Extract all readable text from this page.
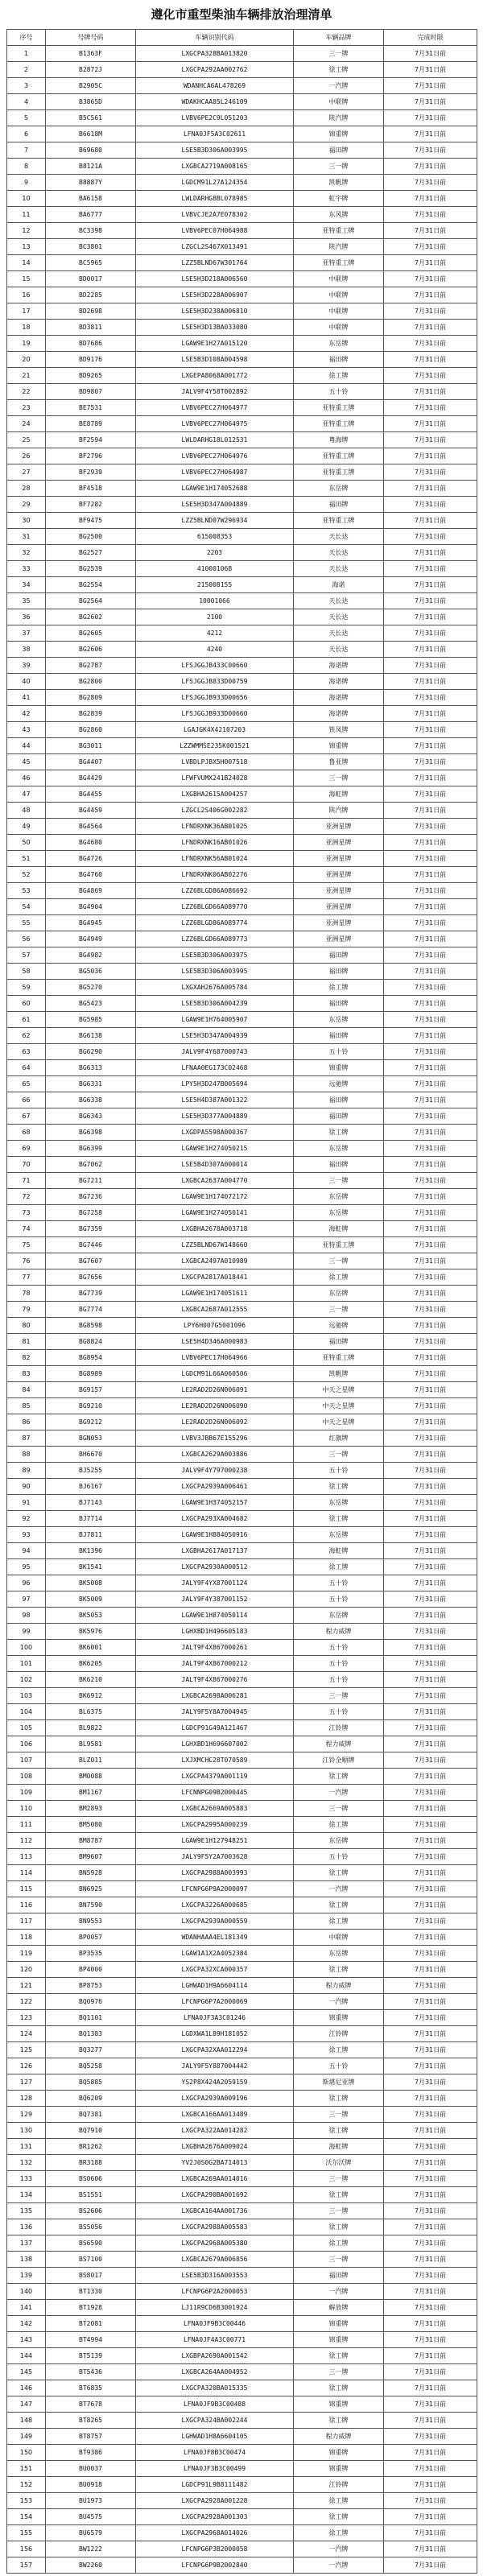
遵化市重型柴油车辆排放治理清单
序号	号牌号码	车辆识别代码	车辆品牌	完成时限
1	B1363F	LXGCPA328BA013820	三一牌	7月31日前
2	B2872J	LXGCPA292AA002762	徐工牌	7月31日前
3	B2905C	WDANHCA6AL478269	一汽牌	7月31日前
4	B3865D	WDAKHCAA85L246109	中联牌	7月31日前
5	B5C561	LVBV6PE2C9L051203	陕汽牌	7月31日前
6	B6618M	LFNA0JF5A3C02611	锦重牌	7月31日前
7	B69680	LSE5B3D306A003995	福田牌	7月31日前
8	B8121A	LXGBCA2719A008165	三一牌	7月31日前
9	B8887Y	LGDCM91L27A124354	凯帆牌	7月31日前
10	BA6158	LWLDARHG8BL078985	虹宇牌	7月31日前
11	BA6777	LVBVCJE2A7E078302	东风牌	7月31日前
12	BC3398	LVBV6PEC07H064988	亚特重工牌	7月31日前
13	BC3801	LZGCL2S467X013491	陕汽牌	7月31日前
14	BC5965	LZZ5BLND67W301764	亚特重工牌	7月31日前
15	BD0017	LSE5H3D218A006560	中联牌	7月31日前
16	BD2285	LSE5H3D228A006907	中联牌	7月31日前
17	BD2698	LSE5H3D238A006810	中联牌	7月31日前
18	BD3811	LSE5H3D13BA033080	中联牌	7月31日前
19	BD7686	LGAW9E1H27A015120	东岳牌	7月31日前
20	BD9176	LSE5B3D108A004598	福田牌	7月31日前
21	BD9265	LXGEPA8068A001772	徐工牌	7月31日前
22	BD9807	JALV9F4Y58T002892	五十铃	7月31日前
23	BE7531	LVBV6PEC27H064977	亚特重工牌	7月31日前
24	BE8789	LVBV6PEC27H064975	亚特重工牌	7月31日前
25	BF2594	LWLDARHG18L012531	粤海牌	7月31日前
26	BF2796	LVBV6PEC27H064976	亚特重工牌	7月31日前
27	BF2939	LVBV6PEC27H064987	亚特重工牌	7月31日前
28	BF4518	LGAW9E1H174052688	东岳牌	7月31日前
29	BF7282	LSE5H3D347A004889	福田牌	7月31日前
30	BF9475	LZZ5BLND07W296934	亚特重工牌	7月31日前
31	BG2500	615008353	天长达	7月31日前
32	BG2527	2203	天长达	7月31日前
33	BG2539	410001068	天长达	7月31日前
34	BG2554	215008155	海诺	7月31日前
35	BG2564	10001066	天长达	7月31日前
36	BG2602	2100	天长达	7月31日前
37	BG2605	4212	天长达	7月31日前
38	BG2606	4240	天长达	7月31日前
39	BG2787	LFSJGGJB433C00660	海诺牌	7月31日前
40	BG2800	LFSJGGJB833D00759	海诺牌	7月31日前
41	BG2809	LFSJGGJB933D00656	海诺牌	7月31日前
42	BG2839	LFSJGGJB933D00660	海诺牌	7月31日前
43	BG2860	LGAJGK4X42107203	铁凤牌	7月31日前
44	BG3011	LZZWMMSE235K001521	锦重牌	7月31日前
45	BG4407	LVBDLPJBX5H007518	鲁亚牌	7月31日前
46	BG4429	LFWFVUMX241B24028	三一牌	7月31日前
47	BG4455	LXGBHA2615A004257	海虹牌	7月31日前
48	BG4459	LZGCL2S406G002282	陕汽牌	7月31日前
49	BG4564	LFNDRXNK36AB01025	亚洲星牌	7月31日前
50	BG4680	LFNDRXNK16AB01026	亚洲星牌	7月31日前
51	BG4726	LFNDRXNK56AB01024	亚洲星牌	7月31日前
52	BG4760	LFNDRXNK06AB02276	亚洲星牌	7月31日前
53	BG4869	LZZ6BLGD86A086692	亚洲星牌	7月31日前
54	BG4904	LZZ6BLGD66A089770	亚洲星牌	7月31日前
55	BG4945	LZZ6BLGD86A089774	亚洲星牌	7月31日前
56	BG4949	LZZ6BLGD66A089773	亚洲星牌	7月31日前
57	BG4982	LSE5B3D306A003975	福田牌	7月31日前
58	BG5036	LSE5B3D306A003995	福田牌	7月31日前
59	BG5270	LXGXAH2676A005784	徐工牌	7月31日前
60	BG5423	LSE5B3D306A004239	福田牌	7月31日前
61	BG5985	LGAW9E1H764005907	东岳牌	7月31日前
62	BG6138	LSE5H3D347A004939	福田牌	7月31日前
63	BG6290	JALV9F4Y687000743	五十铃	7月31日前
64	BG6313	LFNAA0EG173C02468	锦重牌	7月31日前
65	BG6331	LPY5H3D247B005694	远驰牌	7月31日前
66	BG6338	LSE5H4D387A001322	福田牌	7月31日前
67	BG6343	LSE5H3D377A004889	福田牌	7月31日前
68	BG6398	LXGDPA5598A000367	徐工牌	7月31日前
69	BG6399	LGAW9E1H274050215	东岳牌	7月31日前
70	BG7062	LSE5B4D307A000014	福田牌	7月31日前
71	BG7211	LXGBCA2637A004770	三一牌	7月31日前
72	BG7236	LGAW9E1H174072172	东岳牌	7月31日前
73	BG7258	LGAW9E1H274050141	东岳牌	7月31日前
74	BG7359	LXGBHA2678A003718	海虹牌	7月31日前
75	BG7446	LZZ5BLND67W148660	亚特重工牌	7月31日前
76	BG7607	LXGBCA2497A010989	三一牌	7月31日前
77	BG7656	LXGCPA2817A018441	徐工牌	7月31日前
78	BG7739	LGAW9E1H174051611	东岳牌	7月31日前
79	BG7774	LXGBCA2687A012555	三一牌	7月31日前
80	BG8598	LPY6H007G5001096	远驰牌	7月31日前
81	BG8824	LSE5H4D346A000983	福田牌	7月31日前
82	BG8954	LVBV6PEC17H064966	亚特重工牌	7月31日前
83	BG8989	LGDCM91L66A060506	凯帆牌	7月31日前
84	BG9157	LE2RAD2D26N006091	中天之星牌	7月31日前
85	BG9210	LE2RAD2D26N006090	中天之星牌	7月31日前
86	BG9212	LE2RAD2D26N006092	中天之星牌	7月31日前
87	BGN053	LVBV3JBB67E155296	红旗牌	7月31日前
88	BH6670	LXGBCA2629A003886	三一牌	7月31日前
89	BJ5255	JALV9F4Y797000238	五十铃	7月31日前
90	BJ6167	LXGCPA2939A006461	徐工牌	7月31日前
91	BJ7143	LGAW9E1H374052157	东岳牌	7月31日前
92	BJ7714	LXGCPA293XA004682	徐工牌	7月31日前
93	BJ7811	LGAW9E1H884050916	东岳牌	7月31日前
94	BK1396	LXGBHA2617A017137	海虹牌	7月31日前
95	BK1541	LXGCPA2930A000512	徐工牌	7月31日前
96	BK5008	JALY9F4YX87001124	五十铃	7月31日前
97	BK5009	JALY9F4Y387001152	五十铃	7月31日前
98	BK5053	LGAW9E1H874050114	东岳牌	7月31日前
99	BK5976	LGHXBD1H496605183	程力威牌	7月31日前
100	BK6001	JALT9F4X867000261	五十铃	7月31日前
101	BK6205	JALT9F4X867000212	五十铃	7月31日前
102	BK6210	JALT9F4X867000276	五十铃	7月31日前
103	BK6912	LXGBCA2698A006281	三一牌	7月31日前
104	BL6375	JALY9F5Y8A7004945	五十铃	7月31日前
105	BL9822	LGDCP91G49A121467	江铃牌	7月31日前
106	BL9581	LGHXBD1H696607002	程力威牌	7月31日前
107	BLZ011	LXJXMCHC28T070589	江铃全顺牌	7月31日前
108	BM0088	LXGCPA4379A001119	徐工牌	7月31日前
109	BM1167	LFCNNPG09B2000445	一汽牌	7月31日前
110	BM2893	LXGBCA2669A005883	三一牌	7月31日前
111	BM5080	LXGCPA2995A000239	徐工牌	7月31日前
112	BM8787	LGAW9E1H127948251	东岳牌	7月31日前
113	BM9607	JALY9F5Y2A7003628	五十铃	7月31日前
114	BN5928	LXGCPA2988A003993	徐工牌	7月31日前
115	BN6925	LFCNPG6P9A2000097	一汽牌	7月31日前
116	BN7590	LXGCPA3226A000685	徐工牌	7月31日前
117	BN9553	LXGCPA2939A000559	徐工牌	7月31日前
118	BP0057	WDANHAAA4EL181349	中联牌	7月31日前
119	BP3535	LGAW1A1X2A4052384	东岳牌	7月31日前
120	BP4000	LXGCPA32XCA000357	徐工牌	7月31日前
121	BP8753	LGHWAD1H9A6604114	程力威牌	7月31日前
122	BQ0976	LFCNPG6P7A2000069	一汽牌	7月31日前
123	BQ1101	LFNA0JF3A3C01246	锦重牌	7月31日前
124	BQ1383	LGDXWA1L89H181052	江铃牌	7月31日前
125	BQ3277	LXGCPA32XAA012294	徐工牌	7月31日前
126	BQ5258	JALY9F5Y887004442	五十铃	7月31日前
127	BQ5885	YS2P8X424A2059159	斯堪尼亚牌	7月31日前
128	BQ6209	LXGCPA2939A009196	徐工牌	7月31日前
129	BQ7381	LXGBCA166AA013489	三一牌	7月31日前
130	BQ7910	LXGCPA322AA014282	徐工牌	7月31日前
131	BR1262	LXGBHA2676A009024	海虹牌	7月31日前
132	BR3188	YV2J0S0G2BA714013	沃尔沃牌	7月31日前
133	BS0606	LXGBCA269AA014016	三一牌	7月31日前
134	BS1551	LXGCPA290BA001692	徐工牌	7月31日前
135	BS2606	LXGBCA164AA001736	三一牌	7月31日前
136	BS5056	LXGCPA2988A005583	徐工牌	7月31日前
137	BS6590	LXGCPA2968A005380	徐工牌	7月31日前
138	BS7100	LXGBCA2679A006856	三一牌	7月31日前
139	BS8017	LSE5B3D316A003553	福田牌	7月31日前
140	BT1330	LFCNPG6P2A2000053	一汽牌	7月31日前
141	BT1928	LJ11R9CD6B3001924	解放牌	7月31日前
142	BT2081	LFNA0JF9B3C00446	锦重牌	7月31日前
143	BT4994	LFNA0JF4A3C00771	锦重牌	7月31日前
144	BT5139	LXGBPA2690A001542	徐工牌	7月31日前
145	BT5436	LXGBCA264AA004952	三一牌	7月31日前
146	BT6835	LXGCPA320BA015335	徐工牌	7月31日前
147	BT7678	LFNA0JF9B3C00488	锦重牌	7月31日前
148	BT8265	LXGCPA324BA002244	徐工牌	7月31日前
149	BT8757	LGHWAD1H8A6604105	程力威牌	7月31日前
150	BT9386	LFNA0JF8B3C00474	锦重牌	7月31日前
151	BU0037	LFNA0JF3B3C00499	锦重牌	7月31日前
152	BU0918	LGDCP91L9B8111482	江铃牌	7月31日前
153	BU1973	LXGCPA2928A001228	徐工牌	7月31日前
154	BU4575	LXGCPA2928A001303	徐工牌	7月31日前
155	BU6579	LXGCPA2968A014026	徐工牌	7月31日前
156	BW1222	LFCNPG6P3B2000058	一汽牌	7月31日前
157	BW2260	LFCNPG6P9B2002840	一汽牌	7月31日前
